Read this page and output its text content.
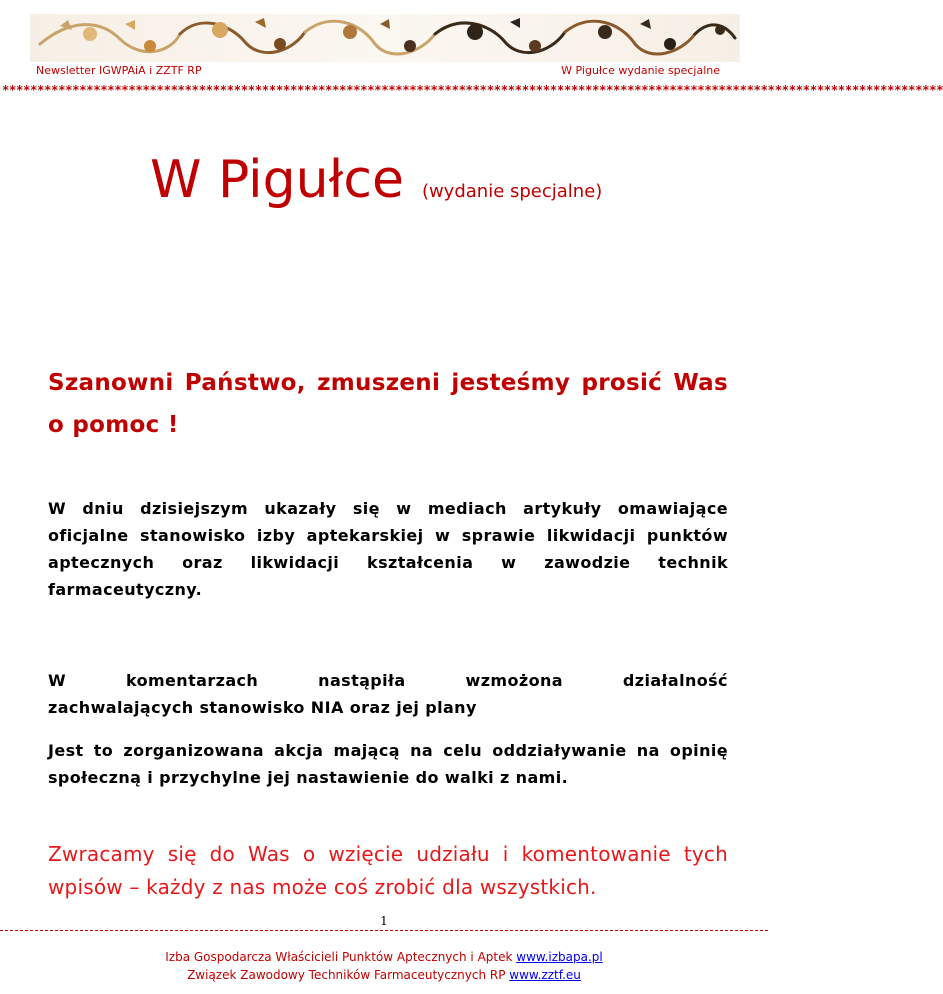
Newsletter IGWPAiA i ZZTF RP	W Pigułce wydanie specjalne
**************************************************************************************************************************************
W Pigułce (wydanie specjalne)
Szanowni Państwo, zmuszeni jesteśmy prosić Was o pomoc !
W dniu dzisiejszym ukazały się w mediach artykuły omawiające oficjalne stanowisko izby aptekarskiej w sprawie likwidacji punktów aptecznych oraz likwidacji kształcenia w zawodzie technik farmaceutyczny.
W	komentarzach	nastąpiła	wzmożona	działalność
zachwalających stanowisko NIA oraz jej plany
Jest to zorganizowana akcja mającą na celu oddziaływanie na opinię społeczną i przychylne jej nastawienie do walki z nami.
Zwracamy się do Was o wzięcie udziału i komentowanie tych wpisów – każdy z nas może coś zrobić dla wszystkich.
1
Izba Gospodarcza Właścicieli Punktów Aptecznych i Aptek www.izbapa.pl
Związek Zawodowy Techników Farmaceutycznych RP www.zztf.eu
